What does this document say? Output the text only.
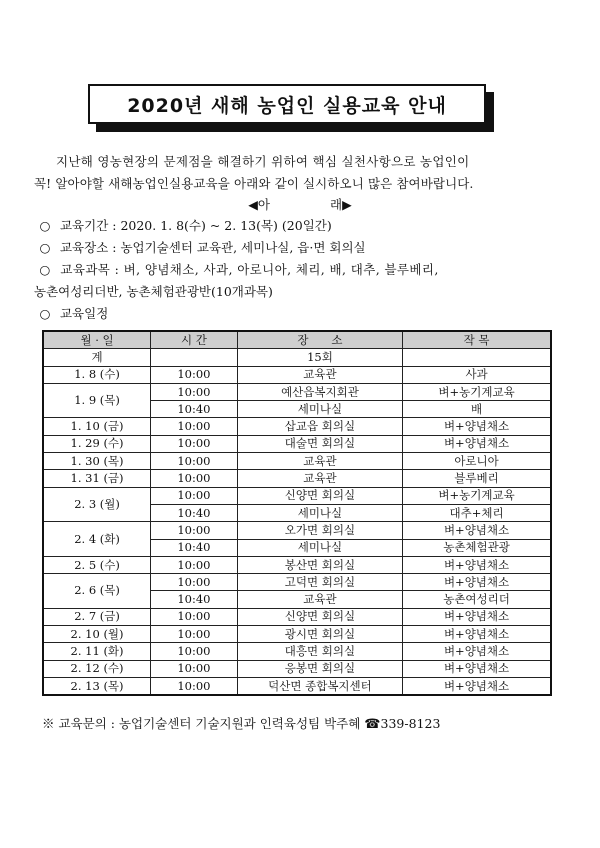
2020년 새해 농업인 실용교육 안내
지난해 영농현장의 문제점을 해결하기 위하여 핵심 실천사항으로 농업인이
꼭! 알아야할 새해농업인실용교육을 아래와 같이 실시하오니 많은 참여바랍니다.
◀아	래▶
○ 교육기간 : 2020. 1. 8(수) ~ 2. 13(목) (20일간)
○ 교육장소 : 농업기술센터 교육관, 세미나실, 읍·면 회의실
○ 교육과목 : 벼, 양념채소, 사과, 아로니아, 체리, 배, 대추, 블루베리,
농촌여성리더반, 농촌체험관광반(10개과목)
○ 교육일정
월 · 일	시 간	장　　소	작 목
계		15회	
1. 8 (수)	10:00	교육관	사과
1. 9 (목)	10:00	예산읍복지회관	벼+농기계교육
	10:40	세미나실	배
1. 10 (금)	10:00	삽교읍 회의실	벼+양념채소
1. 29 (수)	10:00	대술면 회의실	벼+양념채소
1. 30 (목)	10:00	교육관	아로니아
1. 31 (금)	10:00	교육관	블루베리
2. 3 (월)	10:00	신양면 회의실	벼+농기계교육
	10:40	세미나실	대추+체리
2. 4 (화)	10:00	오가면 회의실	벼+양념채소
	10:40	세미나실	농촌체험관광
2. 5 (수)	10:00	봉산면 회의실	벼+양념채소
2. 6 (목)	10:00	고덕면 회의실	벼+양념채소
	10:40	교육관	농촌여성리더
2. 7 (금)	10:00	신양면 회의실	벼+양념채소
2. 10 (월)	10:00	광시면 회의실	벼+양념채소
2. 11 (화)	10:00	대흥면 회의실	벼+양념채소
2. 12 (수)	10:00	응봉면 회의실	벼+양념채소
2. 13 (목)	10:00	덕산면 종합복지센터	벼+양념채소
※ 교육문의 : 농업기술센터 기술지원과 인력육성팀 박주혜 ☎339-8123
